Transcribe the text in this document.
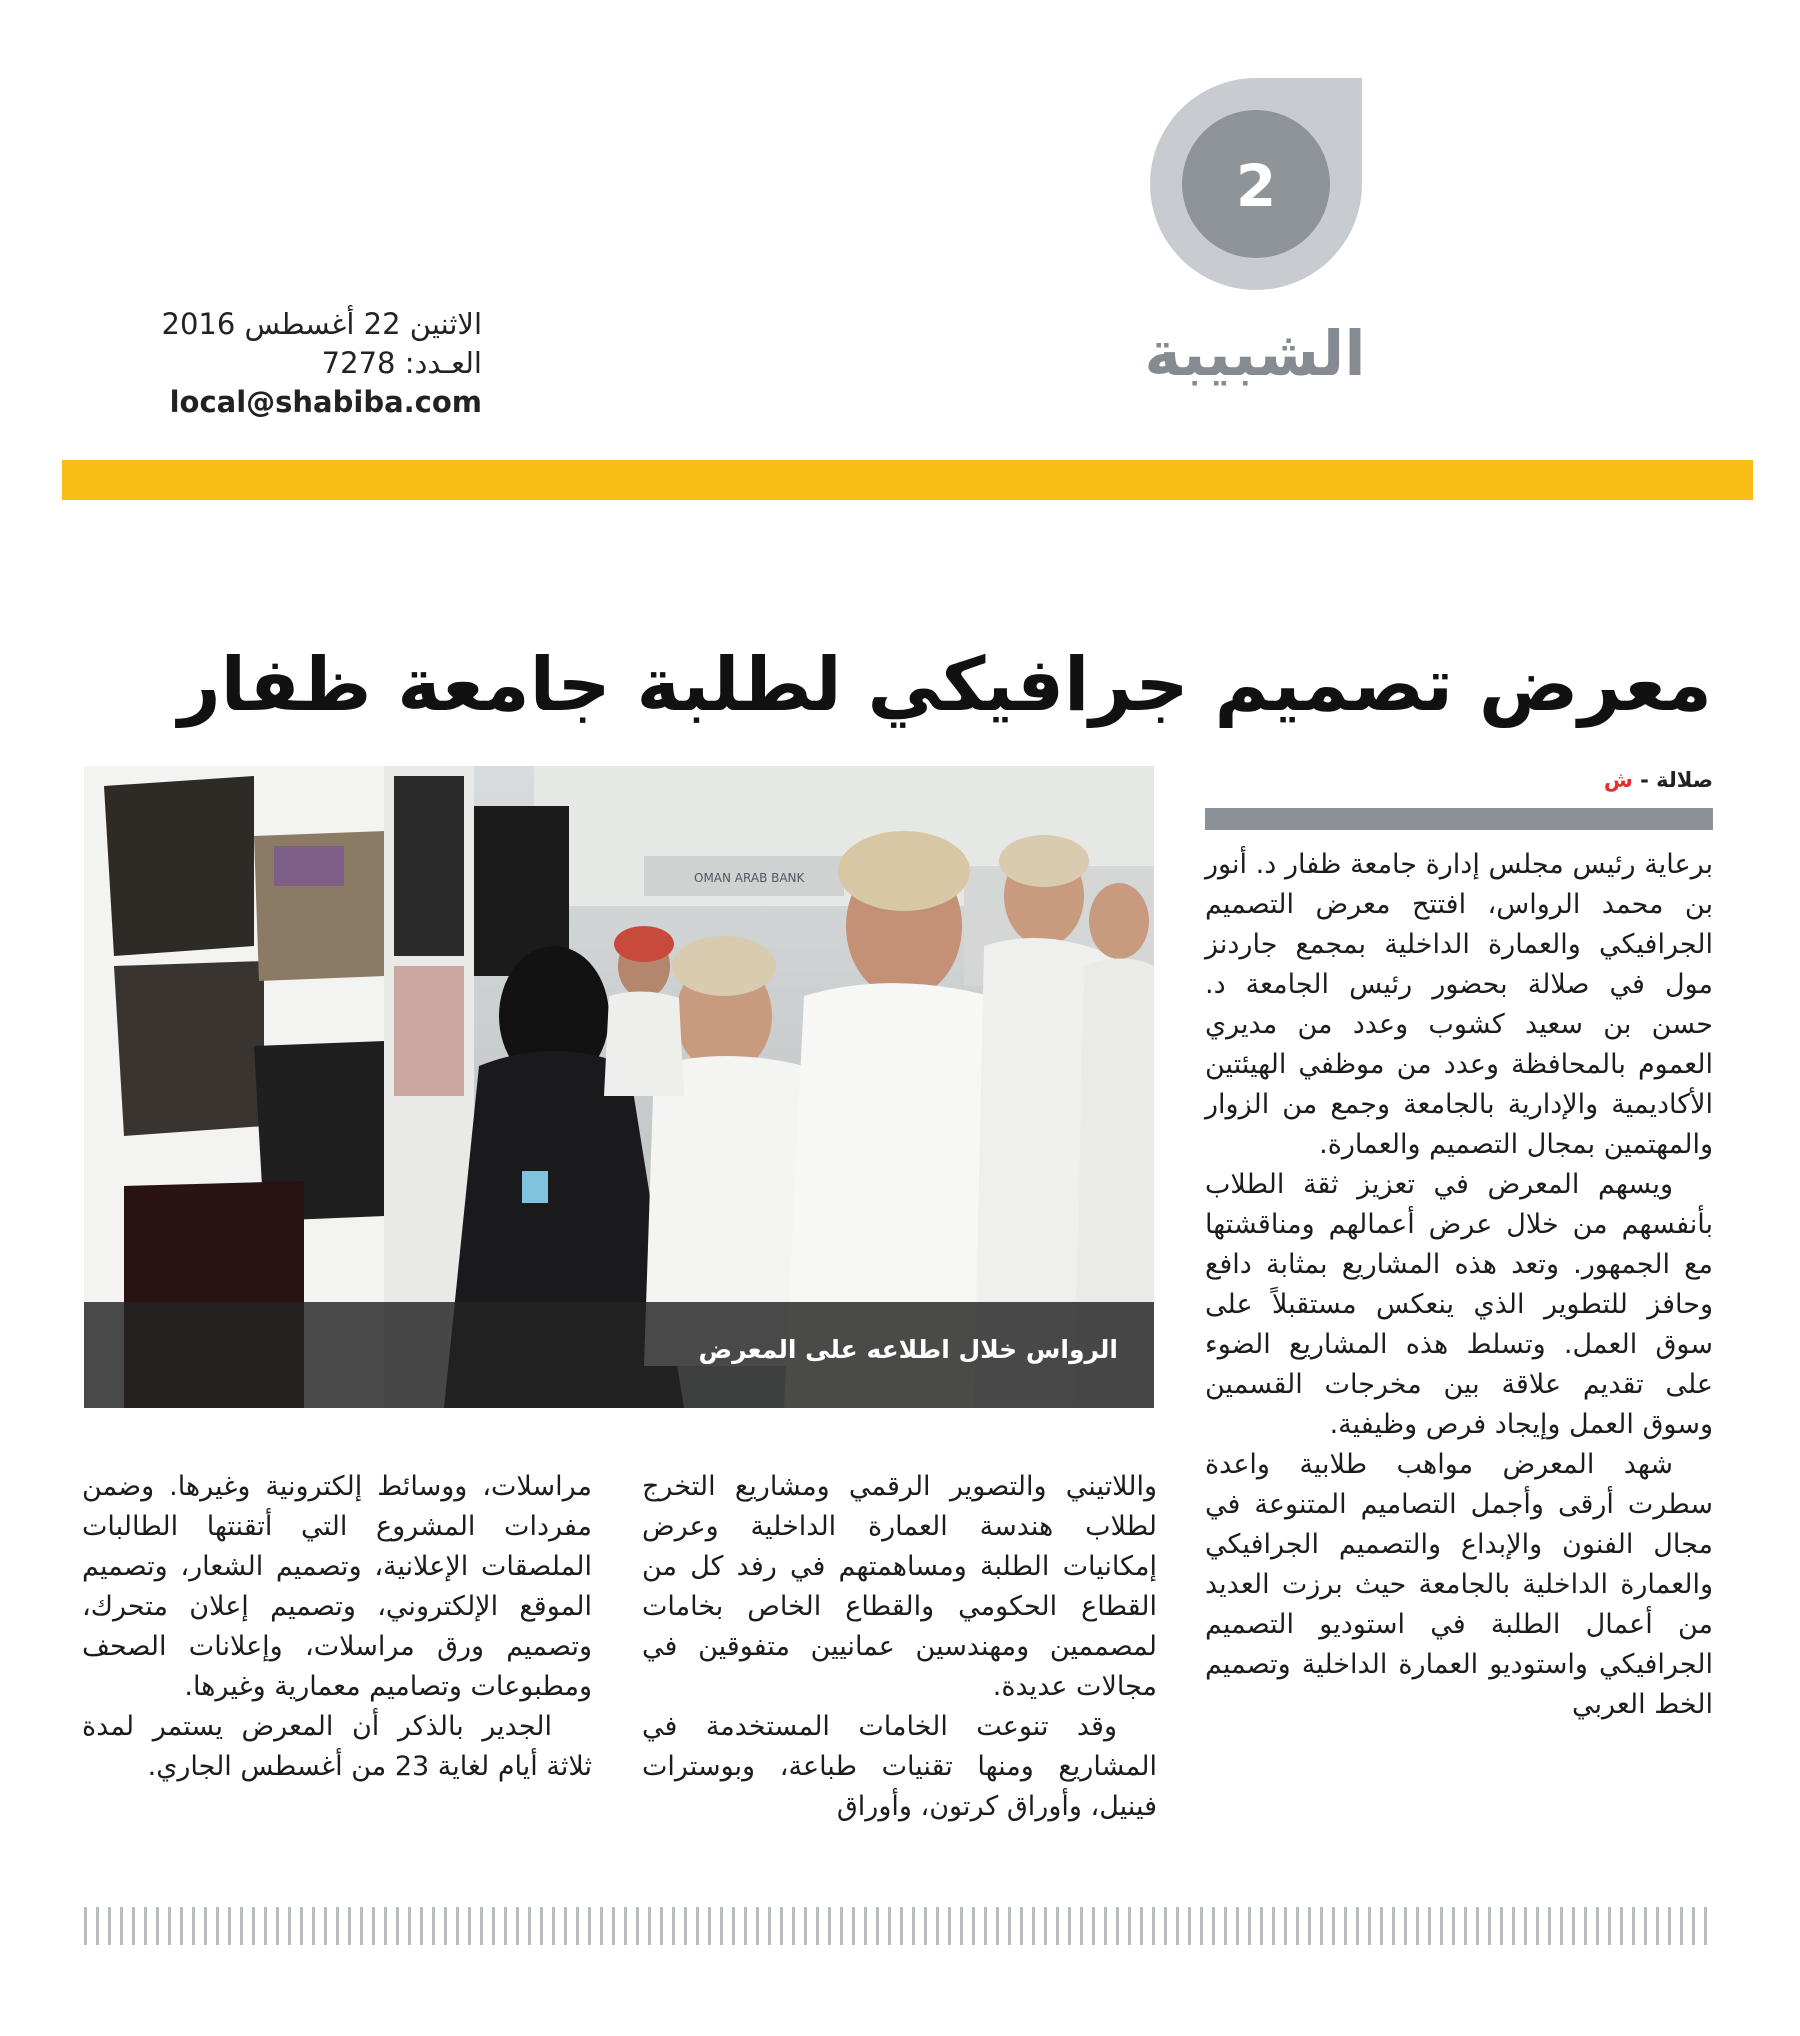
الاثنين 22 أغسطس 2016
العـدد: 7278
local@shabiba.com
2
الشبيبة
معرض تصميم جرافيكي لطلبة جامعة ظفار
صلالة - ش

برعاية رئيس مجلس إدارة جامعة ظفار د. أنور بن محمد الرواس، افتتح معرض التصميم الجرافيكي والعمارة الداخلية بمجمع جاردنز مول في صلالة بحضور رئيس الجامعة د. حسن بن سعيد كشوب وعدد من مديري العموم بالمحافظة وعدد من موظفي الهيئتين الأكاديمية والإدارية بالجامعة وجمع من الزوار والمهتمين بمجال التصميم والعمارة.

ويسهم المعرض في تعزيز ثقة الطلاب بأنفسهم من خلال عرض أعمالهم ومناقشتها مع الجمهور. وتعد هذه المشاريع بمثابة دافع وحافز للتطوير الذي ينعكس مستقبلاً على سوق العمل. وتسلط هذه المشاريع الضوء على تقديم علاقة بين مخرجات القسمين وسوق العمل وإيجاد فرص وظيفية.

شهد المعرض مواهب طلابية واعدة سطرت أرقى وأجمل التصاميم المتنوعة في مجال الفنون والإبداع والتصميم الجرافيكي والعمارة الداخلية بالجامعة حيث برزت العديد من أعمال الطلبة في استوديو التصميم الجرافيكي واستوديو العمارة الداخلية وتصميم الخط العربي

OMAN ARAB BANK
الرواس خلال اطلاعه على المعرض

واللاتيني والتصوير الرقمي ومشاريع التخرج لطلاب هندسة العمارة الداخلية وعرض إمكانيات الطلبة ومساهمتهم في رفد كل من القطاع الحكومي والقطاع الخاص بخامات لمصممين ومهندسين عمانيين متفوقين في مجالات عديدة.

وقد تنوعت الخامات المستخدمة في المشاريع ومنها تقنيات طباعة، وبوسترات فينيل، وأوراق كرتون، وأوراق

مراسلات، ووسائط إلكترونية وغيرها. وضمن مفردات المشروع التي أتقنتها الطالبات الملصقات الإعلانية، وتصميم الشعار، وتصميم الموقع الإلكتروني، وتصميم إعلان متحرك، وتصميم ورق مراسلات، وإعلانات الصحف ومطبوعات وتصاميم معمارية وغيرها.

الجدير بالذكر أن المعرض يستمر لمدة ثلاثة أيام لغاية 23 من أغسطس الجاري.
